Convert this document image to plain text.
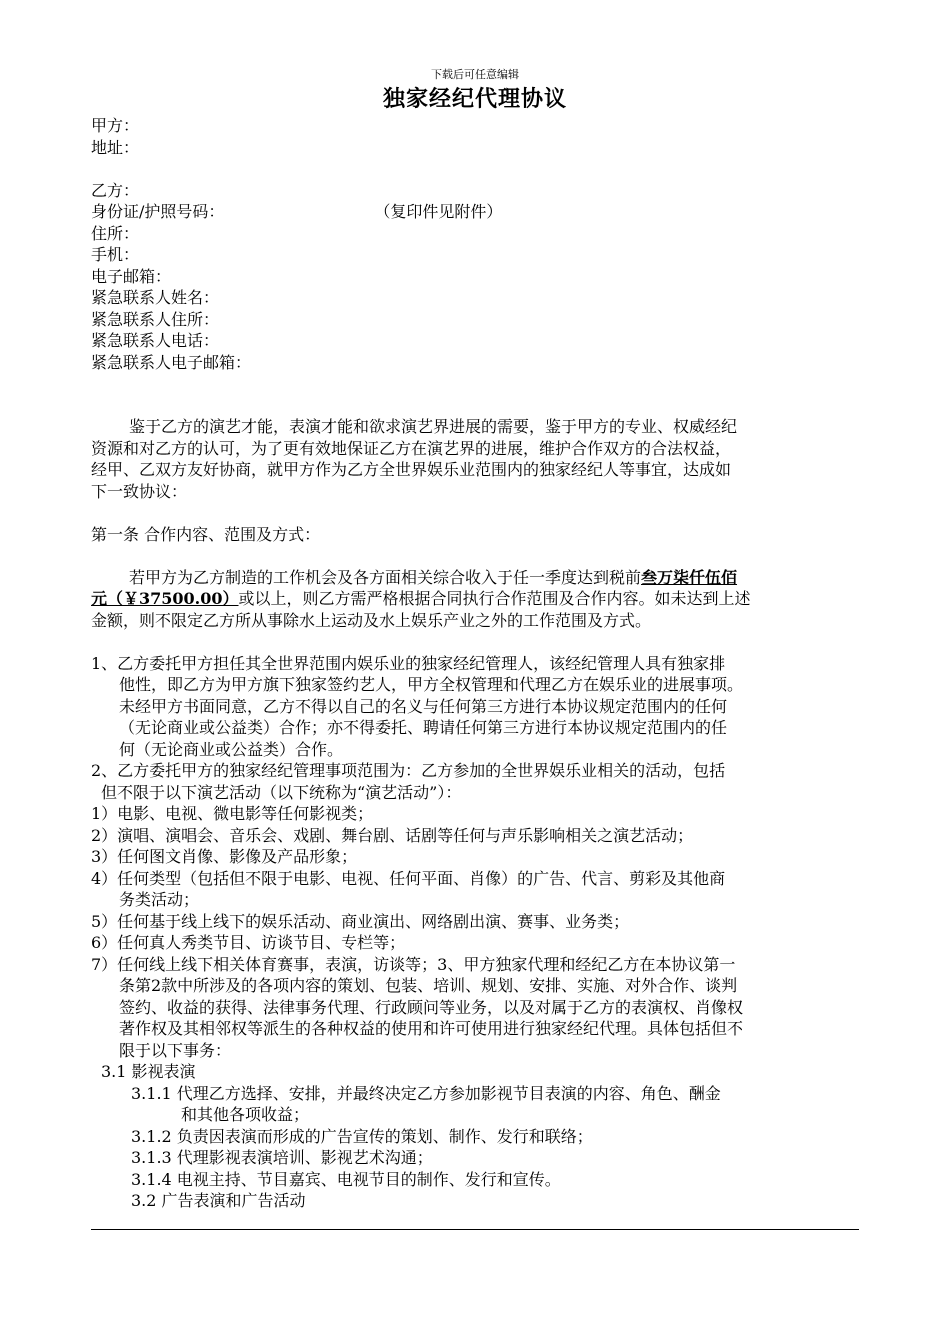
下载后可任意编辑
独家经纪代理协议
甲方：
地址：
乙方：
身份证/护照号码：	（复印件见附件）
住所：
手机：
电子邮箱：
紧急联系人姓名：
紧急联系人住所：
紧急联系人电话：
紧急联系人电子邮箱：
鉴于乙方的演艺才能，表演才能和欲求演艺界进展的需要，鉴于甲方的专业、权威经纪
资源和对乙方的认可，为了更有效地保证乙方在演艺界的进展，维护合作双方的合法权益，
经甲、乙双方友好协商，就甲方作为乙方全世界娱乐业范围内的独家经纪人等事宜，达成如
下一致协议：
第一条 合作内容、范围及方式：
若甲方为乙方制造的工作机会及各方面相关综合收入于任一季度达到税前叁万柒仟伍佰
元（￥37500.00）或以上，则乙方需严格根据合同执行合作范围及合作内容。如未达到上述
金额，则不限定乙方所从事除水上运动及水上娱乐产业之外的工作范围及方式。
1、乙方委托甲方担任其全世界范围内娱乐业的独家经纪管理人，该经纪管理人具有独家排
他性，即乙方为甲方旗下独家签约艺人，甲方全权管理和代理乙方在娱乐业的进展事项。
未经甲方书面同意，乙方不得以自己的名义与任何第三方进行本协议规定范围内的任何
（无论商业或公益类）合作；亦不得委托、聘请任何第三方进行本协议规定范围内的任
何（无论商业或公益类）合作。
2、乙方委托甲方的独家经纪管理事项范围为：乙方参加的全世界娱乐业相关的活动，包括
但不限于以下演艺活动（以下统称为“演艺活动”）：
1）电影、电视、微电影等任何影视类；
2）演唱、演唱会、音乐会、戏剧、舞台剧、话剧等任何与声乐影响相关之演艺活动；
3）任何图文肖像、影像及产品形象；
4）任何类型（包括但不限于电影、电视、任何平面、肖像）的广告、代言、剪彩及其他商
务类活动；
5）任何基于线上线下的娱乐活动、商业演出、网络剧出演、赛事、业务类；
6）任何真人秀类节目、访谈节目、专栏等；
7）任何线上线下相关体育赛事，表演，访谈等；3、甲方独家代理和经纪乙方在本协议第一
条第2款中所涉及的各项内容的策划、包装、培训、规划、安排、实施、对外合作、谈判
签约、收益的获得、法律事务代理、行政顾问等业务，以及对属于乙方的表演权、肖像权
著作权及其相邻权等派生的各种权益的使用和许可使用进行独家经纪代理。具体包括但不
限于以下事务：
3.1 影视表演
3.1.1 代理乙方选择、安排，并最终决定乙方参加影视节目表演的内容、角色、酬金
和其他各项收益；
3.1.2 负责因表演而形成的广告宣传的策划、制作、发行和联络；
3.1.3 代理影视表演培训、影视艺术沟通；
3.1.4 电视主持、节目嘉宾、电视节目的制作、发行和宣传。
3.2 广告表演和广告活动
